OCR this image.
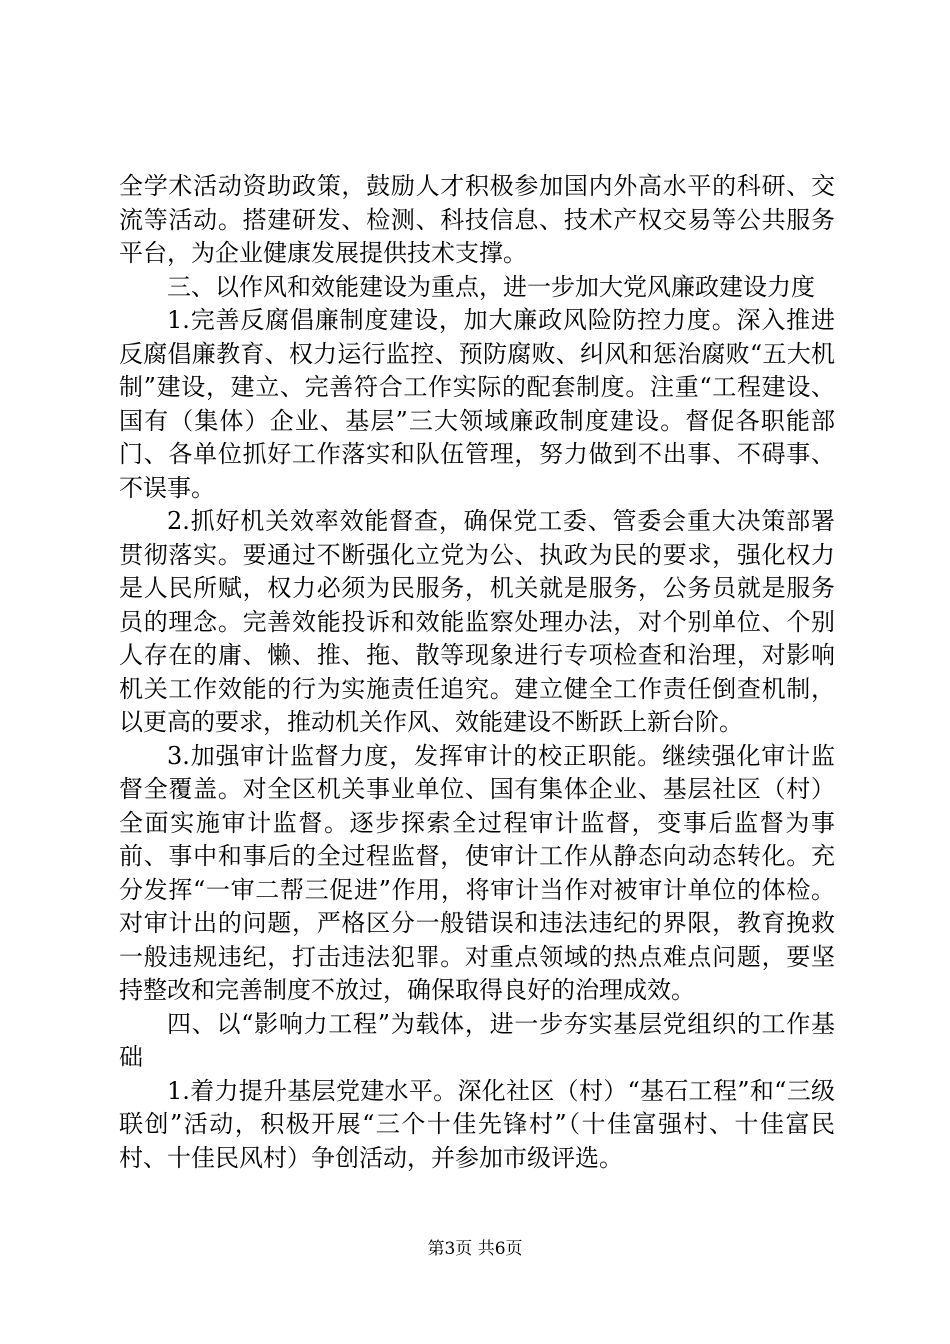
全学术活动资助政策，鼓励人才积极参加国内外高水平的科研、交流等活动。搭建研发、检测、科技信息、技术产权交易等公共服务平台，为企业健康发展提供技术支撑。

三、以作风和效能建设为重点，进一步加大党风廉政建设力度

1.完善反腐倡廉制度建设，加大廉政风险防控力度。深入推进反腐倡廉教育、权力运行监控、预防腐败、纠风和惩治腐败“五大机制”建设，建立、完善符合工作实际的配套制度。注重“工程建设、国有（集体）企业、基层”三大领域廉政制度建设。督促各职能部门、各单位抓好工作落实和队伍管理，努力做到不出事、不碍事、不误事。

2.抓好机关效率效能督查，确保党工委、管委会重大决策部署贯彻落实。要通过不断强化立党为公、执政为民的要求，强化权力是人民所赋，权力必须为民服务，机关就是服务，公务员就是服务员的理念。完善效能投诉和效能监察处理办法，对个别单位、个别人存在的庸、懒、推、拖、散等现象进行专项检查和治理，对影响机关工作效能的行为实施责任追究。建立健全工作责任倒查机制，以更高的要求，推动机关作风、效能建设不断跃上新台阶。

3.加强审计监督力度，发挥审计的校正职能。继续强化审计监督全覆盖。对全区机关事业单位、国有集体企业、基层社区（村）全面实施审计监督。逐步探索全过程审计监督，变事后监督为事前、事中和事后的全过程监督，使审计工作从静态向动态转化。充分发挥“一审二帮三促进”作用，将审计当作对被审计单位的体检。对审计出的问题，严格区分一般错误和违法违纪的界限，教育挽救一般违规违纪，打击违法犯罪。对重点领域的热点难点问题，要坚持整改和完善制度不放过，确保取得良好的治理成效。

四、以“影响力工程”为载体，进一步夯实基层党组织的工作基础

1.着力提升基层党建水平。深化社区（村）“基石工程”和“三级联创”活动，积极开展“三个十佳先锋村”（十佳富强村、十佳富民村、十佳民风村）争创活动，并参加市级评选。

第3页 共6页
